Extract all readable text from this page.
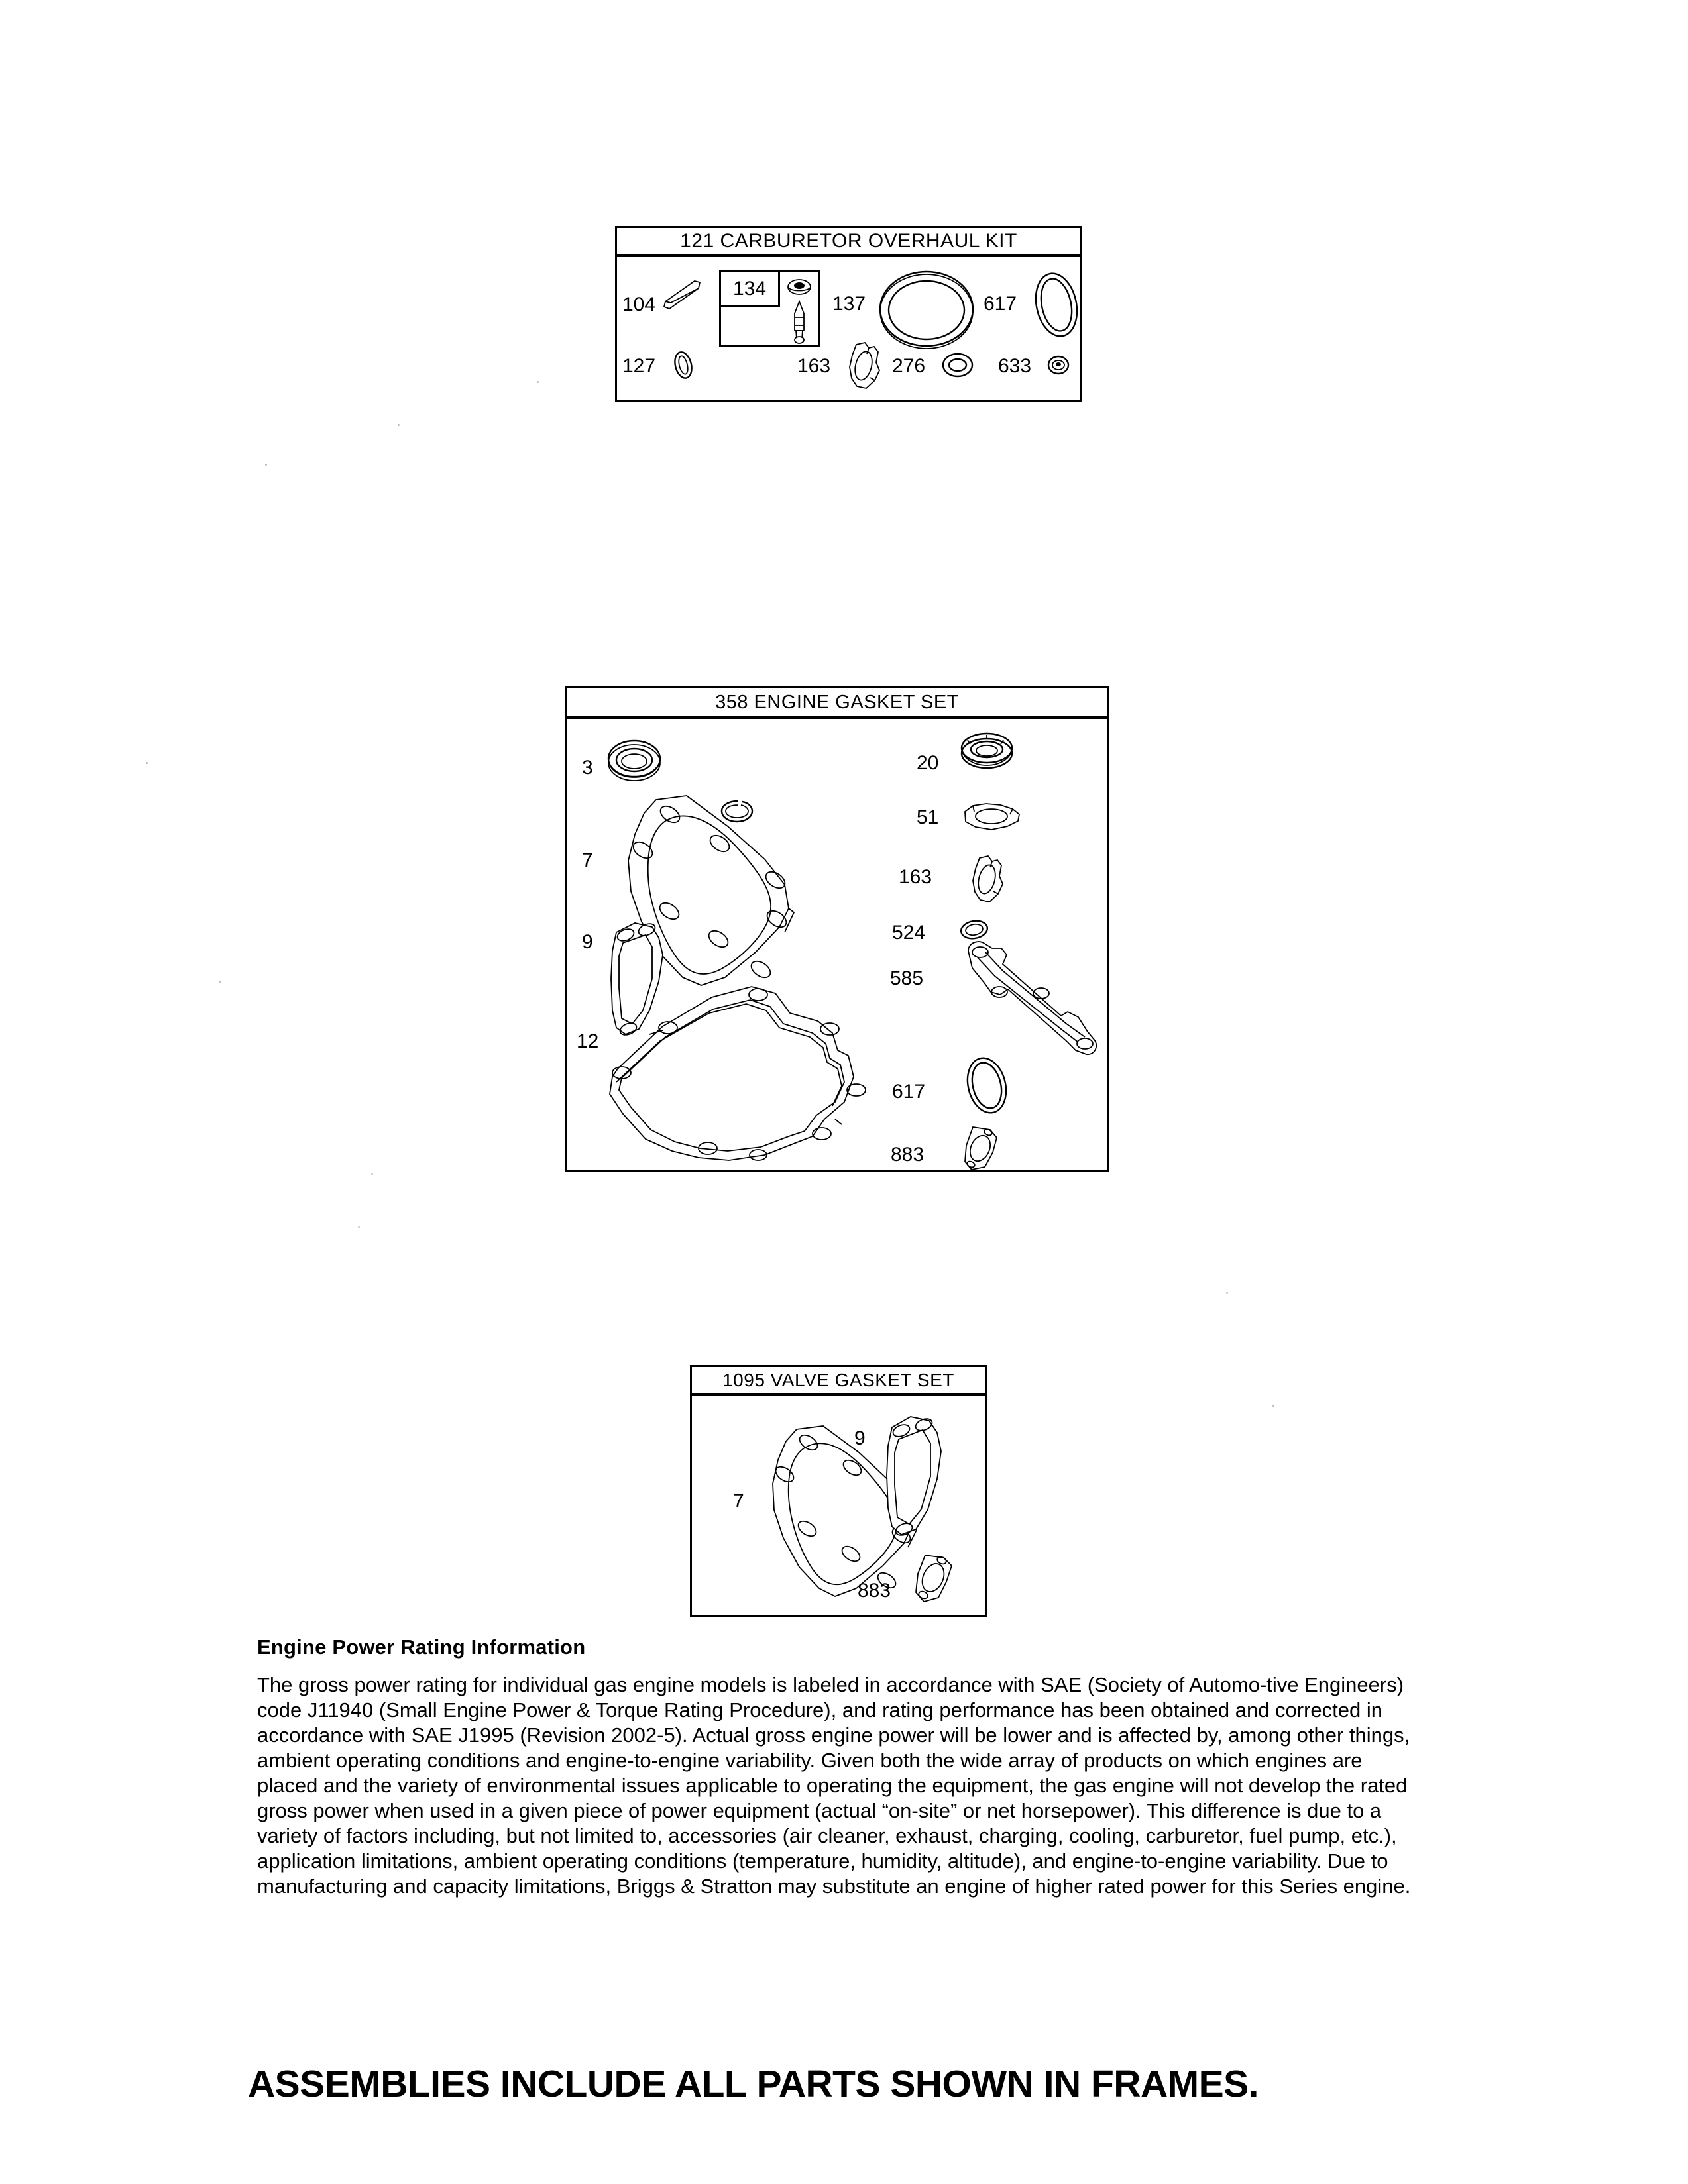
121 CARBURETOR OVERHAUL KIT
104
134
137	617
127	163	276	633
358 ENGINE GASKET SET
3	20
51
163
524
585
7
9
12
617
883
1095 VALVE GASKET SET
7
9
883
Engine Power Rating Information

The gross power rating for individual gas engine models is labeled in accordance with SAE (Society of Automo-tive Engineers) code J11940 (Small Engine Power & Torque Rating Procedure), and rating performance has been obtained and corrected in accordance with SAE J1995 (Revision 2002-5). Actual gross engine power will be lower and is affected by, among other things, ambient operating conditions and engine-to-engine variability. Given both the wide array of products on which engines are placed and the variety of environmental issues applicable to operating the equipment, the gas engine will not develop the rated gross power when used in a given piece of power equipment (actual “on-site” or net horsepower). This difference is due to a variety of factors including, but not limited to, accessories (air cleaner, exhaust, charging, cooling, carburetor, fuel pump, etc.), application limitations, ambient operating conditions (temperature, humidity, altitude), and engine-to-engine variability. Due to manufacturing and capacity limitations, Briggs & Stratton may substitute an engine of higher rated power for this Series engine.

ASSEMBLIES INCLUDE ALL PARTS SHOWN IN FRAMES.
